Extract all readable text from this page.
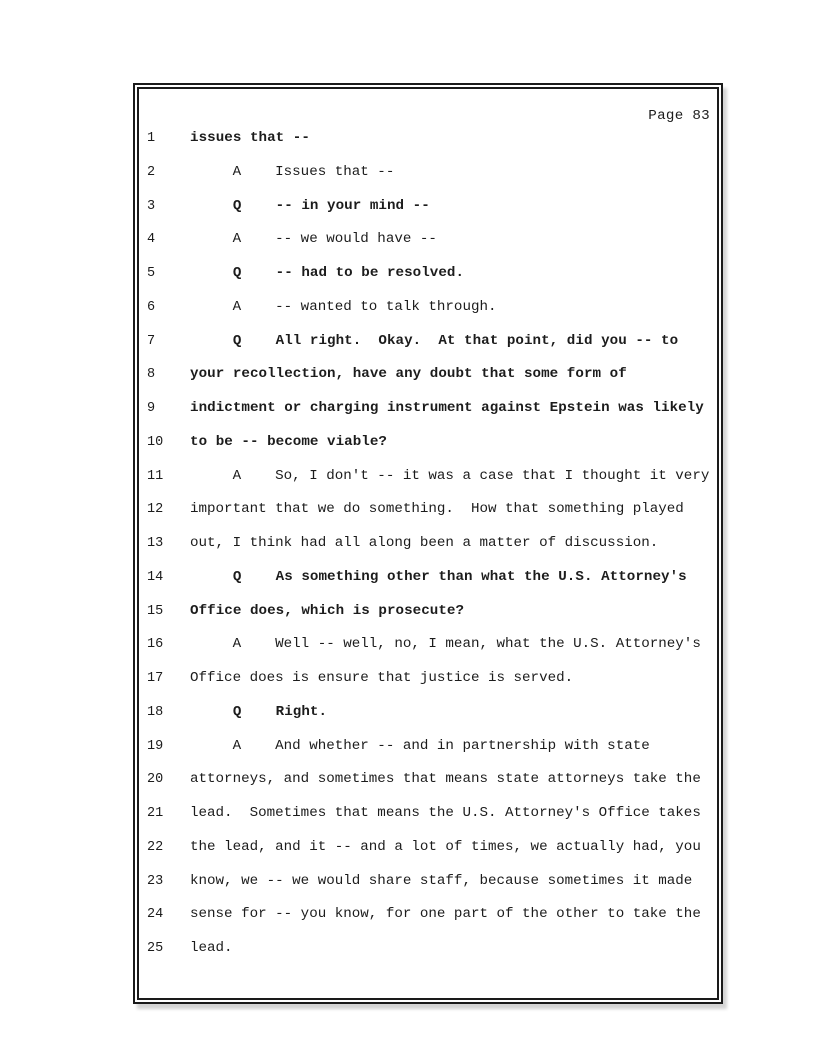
Page 83
1 issues that --
2 A    Issues that --
3 Q    -- in your mind --
4 A    -- we would have --
5 Q    -- had to be resolved.
6 A    -- wanted to talk through.
7 Q    All right.  Okay.  At that point, did you -- to
8 your recollection, have any doubt that some form of
9 indictment or charging instrument against Epstein was likely
10 to be -- become viable?
11 A    So, I don't -- it was a case that I thought it very
12 important that we do something.  How that something played
13 out, I think had all along been a matter of discussion.
14 Q    As something other than what the U.S. Attorney's
15 Office does, which is prosecute?
16 A    Well -- well, no, I mean, what the U.S. Attorney's
17 Office does is ensure that justice is served.
18 Q    Right.
19 A    And whether -- and in partnership with state
20 attorneys, and sometimes that means state attorneys take the
21 lead.  Sometimes that means the U.S. Attorney's Office takes
22 the lead, and it -- and a lot of times, we actually had, you
23 know, we -- we would share staff, because sometimes it made
24 sense for -- you know, for one part of the other to take the
25 lead.
